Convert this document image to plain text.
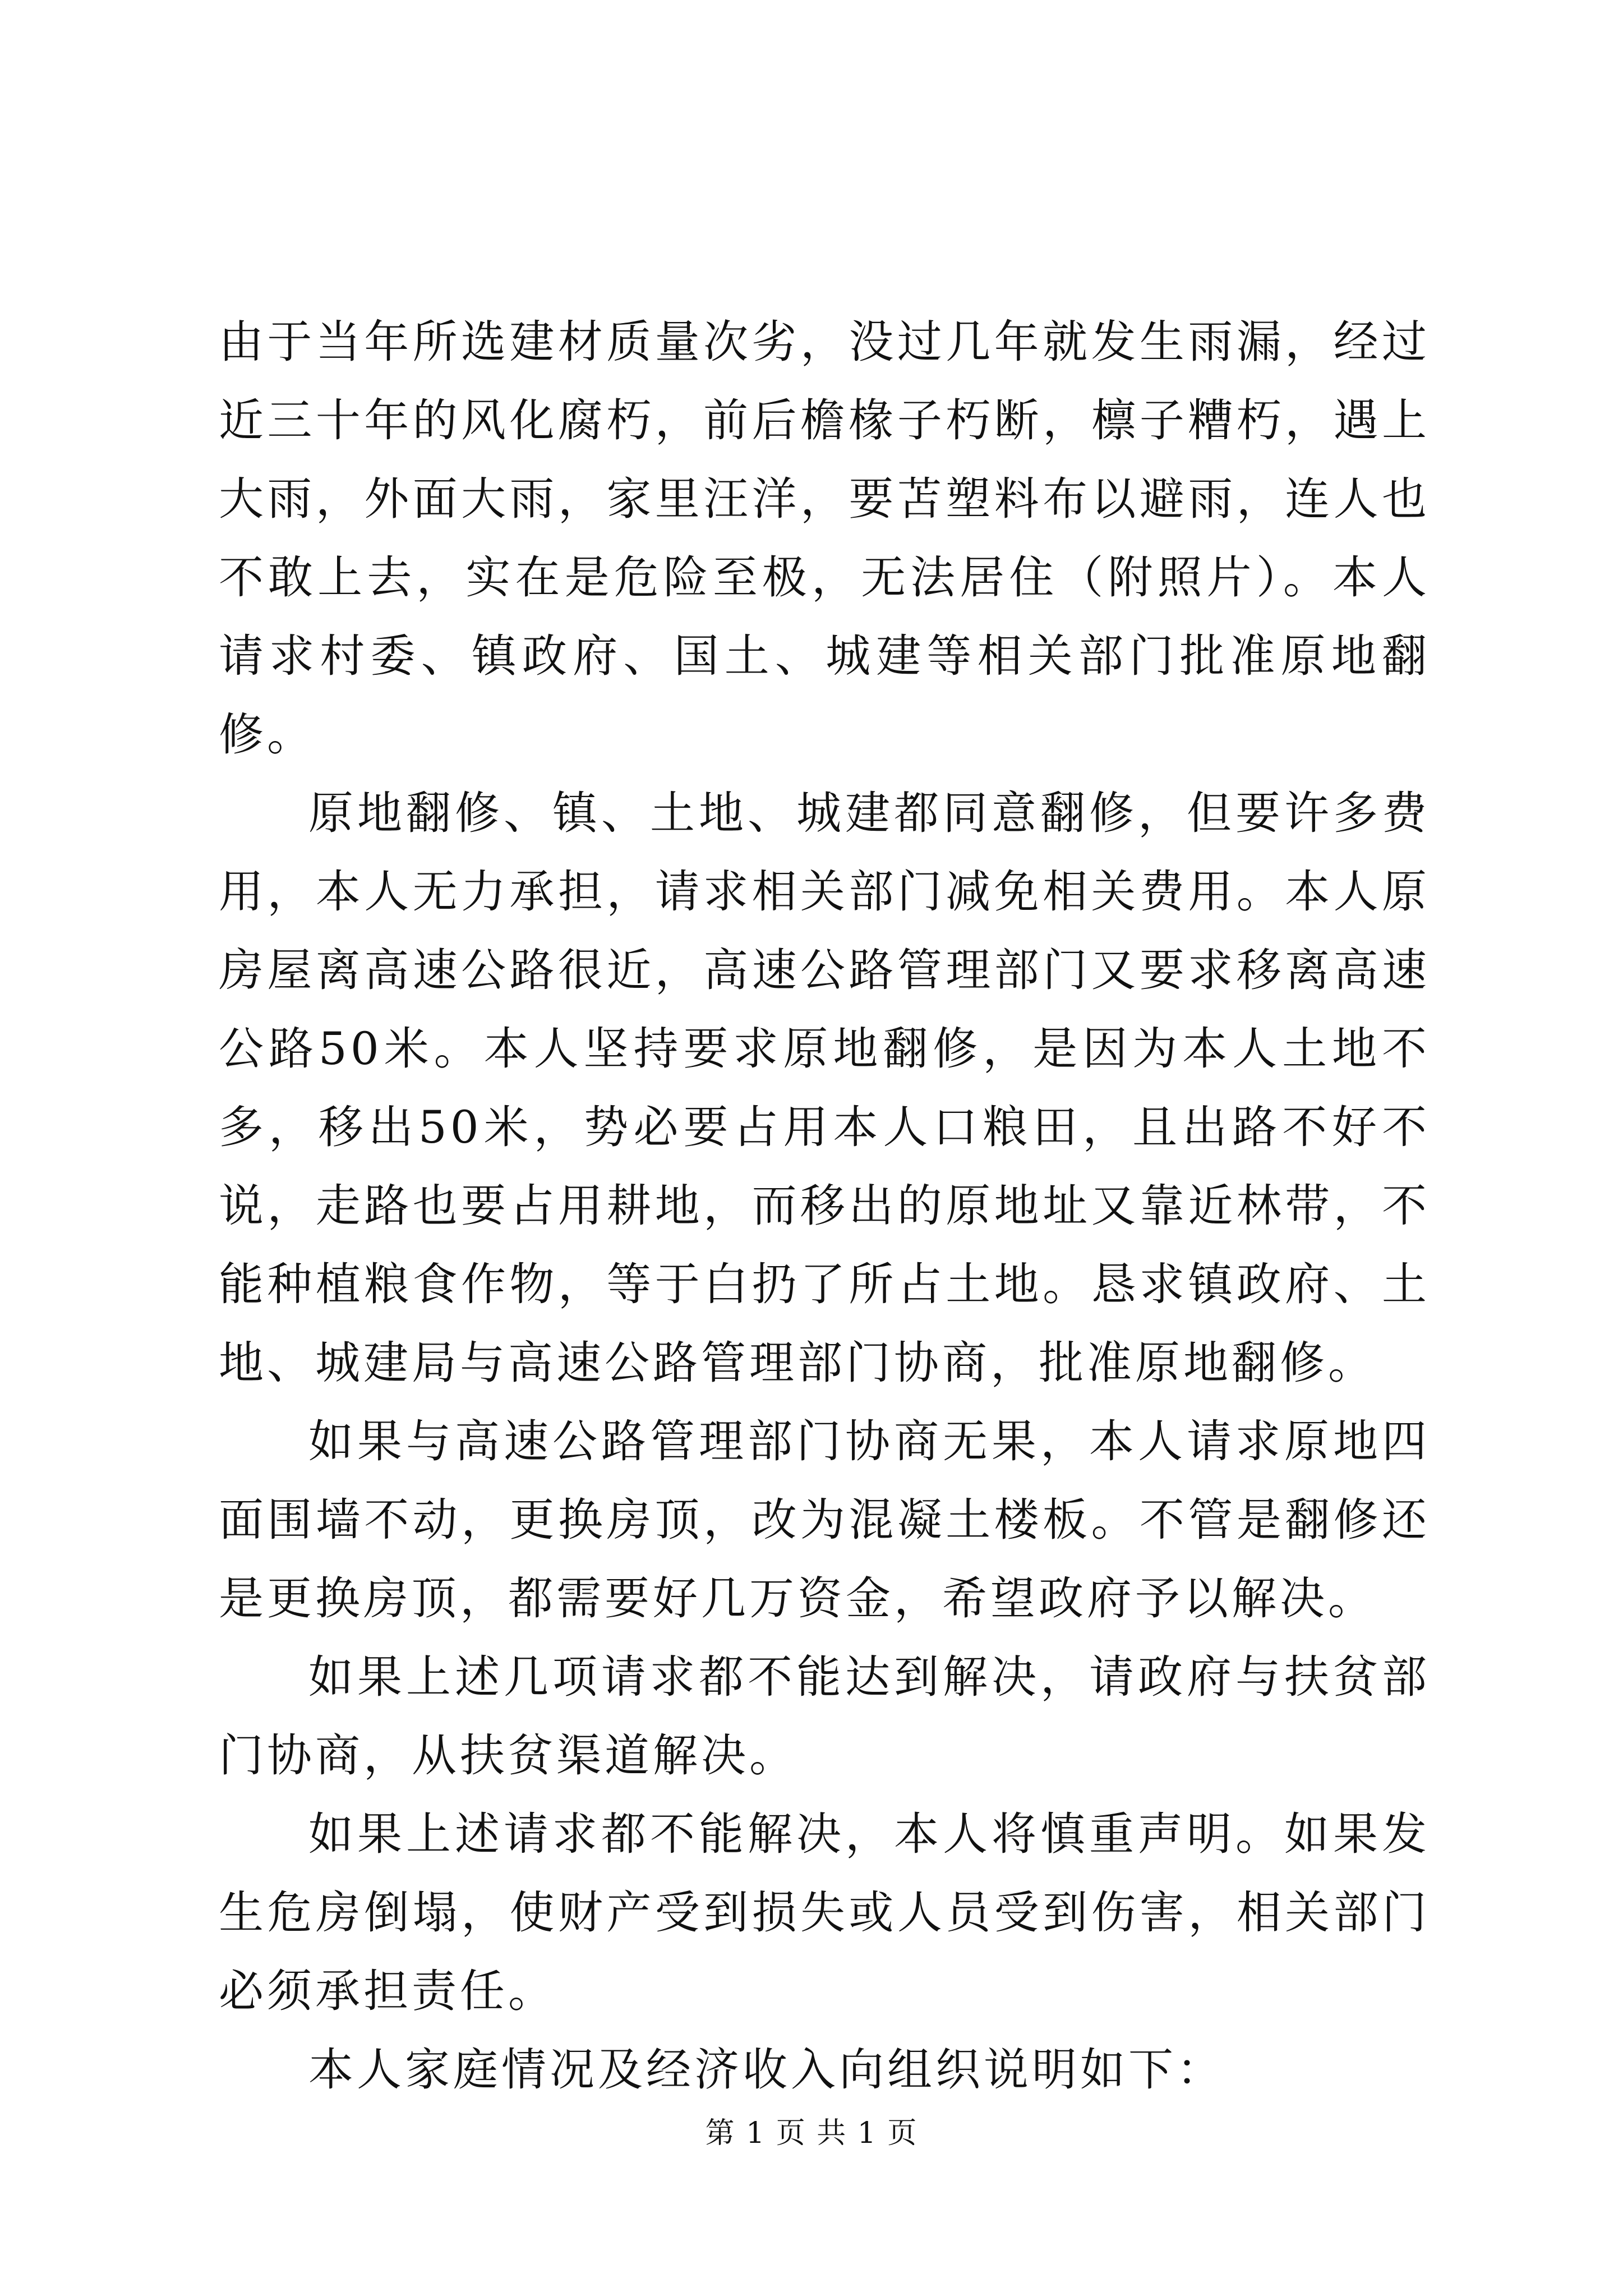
由于当年所选建材质量次劣，没过几年就发生雨漏，经过近三十年的风化腐朽，前后檐椽子朽断，檩子糟朽，遇上大雨，外面大雨，家里汪洋，要苫塑料布以避雨，连人也不敢上去，实在是危险至极，无法居住（附照片）。本人请求村委、镇政府、国土、城建等相关部门批准原地翻修。

原地翻修、镇、土地、城建都同意翻修，但要许多费用，本人无力承担，请求相关部门减免相关费用。本人原房屋离高速公路很近，高速公路管理部门又要求移离高速公路50米。本人坚持要求原地翻修，是因为本人土地不多，移出50米，势必要占用本人口粮田，且出路不好不说，走路也要占用耕地，而移出的原地址又靠近林带，不能种植粮食作物，等于白扔了所占土地。恳求镇政府、土地、城建局与高速公路管理部门协商，批准原地翻修。

如果与高速公路管理部门协商无果，本人请求原地四面围墙不动，更换房顶，改为混凝土楼板。不管是翻修还是更换房顶，都需要好几万资金，希望政府予以解决。

如果上述几项请求都不能达到解决，请政府与扶贫部门协商，从扶贫渠道解决。

如果上述请求都不能解决，本人将慎重声明。如果发生危房倒塌，使财产受到损失或人员受到伤害，相关部门必须承担责任。

本人家庭情况及经济收入向组织说明如下：

第 1 页 共 1 页
